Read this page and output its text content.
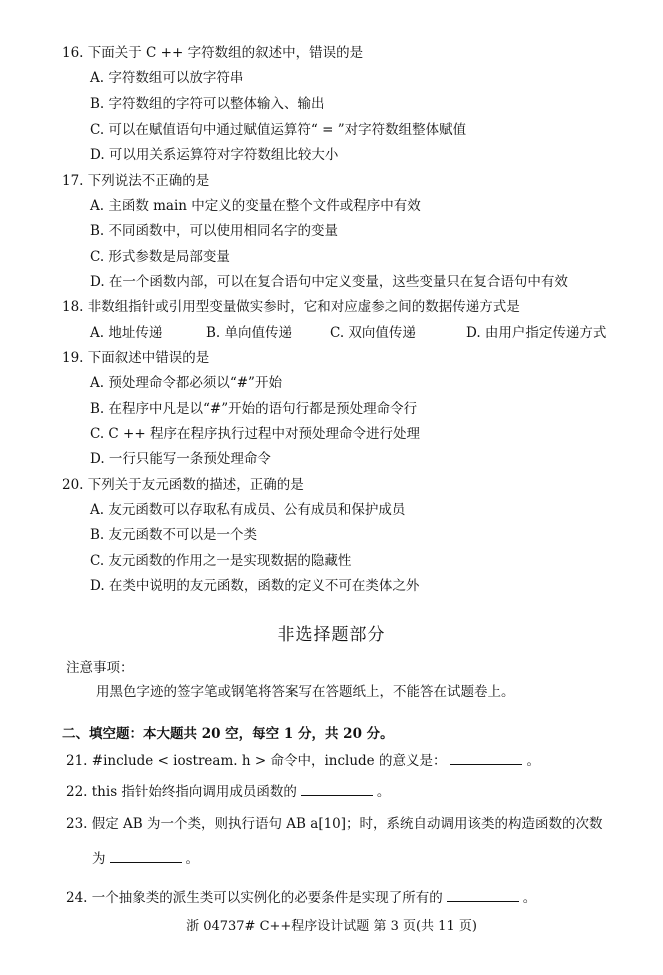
16. 下面关于 C ++ 字符数组的叙述中，错误的是
A. 字符数组可以放字符串
B. 字符数组的字符可以整体输入、输出
C. 可以在赋值语句中通过赋值运算符“ = ”对字符数组整体赋值
D. 可以用关系运算符对字符数组比较大小
17. 下列说法不正确的是
A. 主函数 main 中定义的变量在整个文件或程序中有效
B. 不同函数中，可以使用相同名字的变量
C. 形式参数是局部变量
D. 在一个函数内部，可以在复合语句中定义变量，这些变量只在复合语句中有效
18. 非数组指针或引用型变量做实参时，它和对应虚参之间的数据传递方式是
A. 地址传递	B. 单向值传递	C. 双向值传递	D. 由用户指定传递方式
19. 下面叙述中错误的是
A. 预处理命令都必须以“#”开始
B. 在程序中凡是以“#”开始的语句行都是预处理命令行
C. C ++ 程序在程序执行过程中对预处理命令进行处理
D. 一行只能写一条预处理命令
20. 下列关于友元函数的描述，正确的是
A. 友元函数可以存取私有成员、公有成员和保护成员
B. 友元函数不可以是一个类
C. 友元函数的作用之一是实现数据的隐藏性
D. 在类中说明的友元函数，函数的定义不可在类体之外
非选择题部分
注意事项：
用黑色字迹的签字笔或钢笔将答案写在答题纸上，不能答在试题卷上。
二、填空题：本大题共 20 空，每空 1 分，共 20 分。
21. #include < iostream. h > 命令中，include 的意义是：	。
22. this 指针始终指向调用成员函数的	。
23. 假定 AB 为一个类，则执行语句 AB a[10]；时，系统自动调用该类的构造函数的次数
为	。
24. 一个抽象类的派生类可以实例化的必要条件是实现了所有的	。
浙 04737# C++程序设计试题 第 3 页(共 11 页)
